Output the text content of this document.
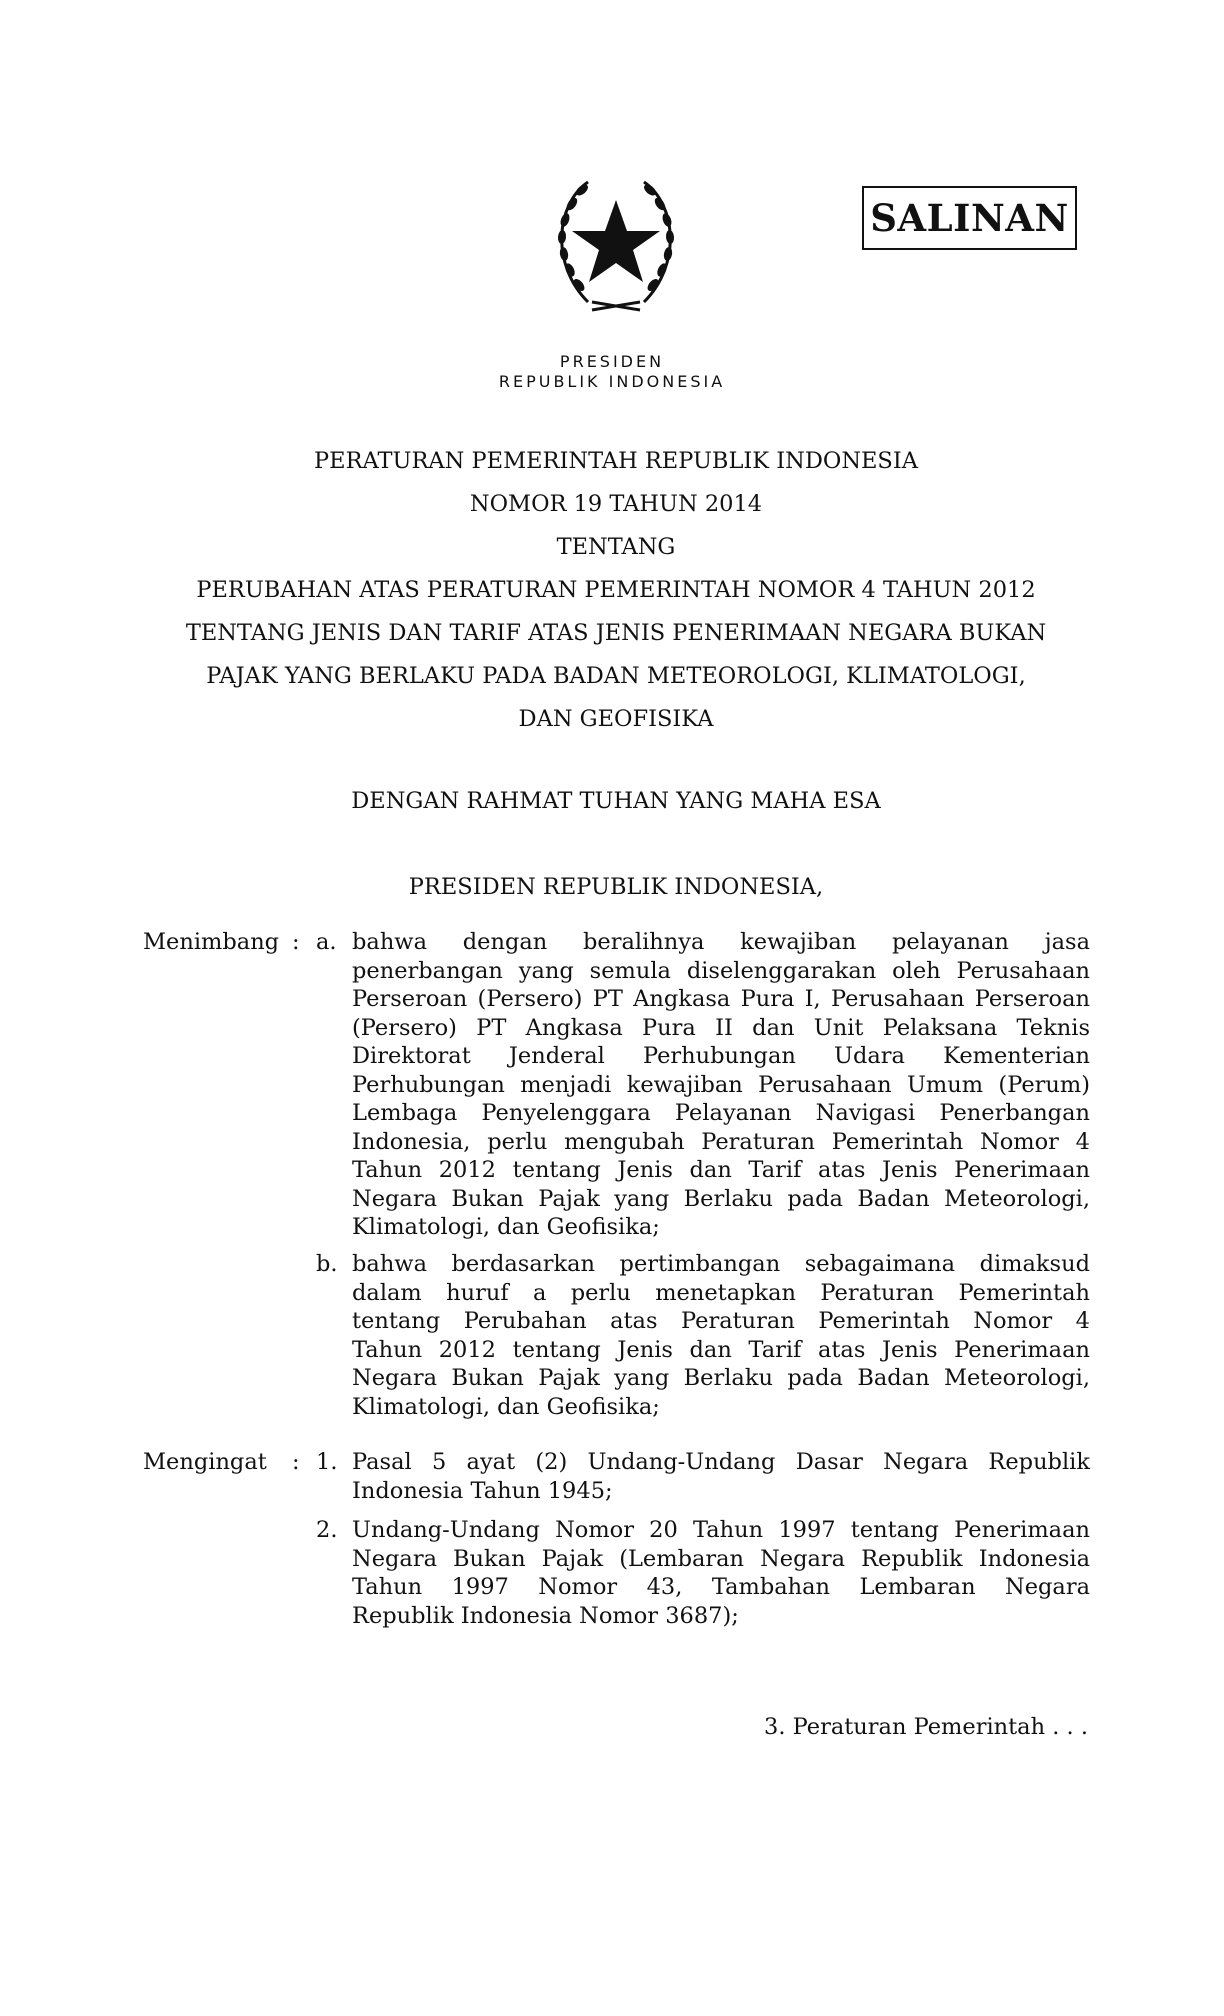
SALINAN
PRESIDEN
REPUBLIK INDONESIA
PERATURAN PEMERINTAH REPUBLIK INDONESIA
NOMOR 19 TAHUN 2014
TENTANG
PERUBAHAN ATAS PERATURAN PEMERINTAH NOMOR 4 TAHUN 2012
TENTANG JENIS DAN TARIF ATAS JENIS PENERIMAAN NEGARA BUKAN
PAJAK YANG BERLAKU PADA BADAN METEOROLOGI, KLIMATOLOGI,
DAN GEOFISIKA
DENGAN RAHMAT TUHAN YANG MAHA ESA
PRESIDEN REPUBLIK INDONESIA,
Menimbang : a. bahwa dengan beralihnya kewajiban pelayanan jasa
penerbangan yang semula diselenggarakan oleh Perusahaan
Perseroan (Persero) PT Angkasa Pura I, Perusahaan Perseroan
(Persero) PT Angkasa Pura II dan Unit Pelaksana Teknis
Direktorat Jenderal Perhubungan Udara Kementerian
Perhubungan menjadi kewajiban Perusahaan Umum (Perum)
Lembaga Penyelenggara Pelayanan Navigasi Penerbangan
Indonesia, perlu mengubah Peraturan Pemerintah Nomor 4
Tahun 2012 tentang Jenis dan Tarif atas Jenis Penerimaan
Negara Bukan Pajak yang Berlaku pada Badan Meteorologi,
Klimatologi, dan Geofisika;
b. bahwa berdasarkan pertimbangan sebagaimana dimaksud
dalam huruf a perlu menetapkan Peraturan Pemerintah
tentang Perubahan atas Peraturan Pemerintah Nomor 4
Tahun 2012 tentang Jenis dan Tarif atas Jenis Penerimaan
Negara Bukan Pajak yang Berlaku pada Badan Meteorologi,
Klimatologi, dan Geofisika;
Mengingat : 1. Pasal 5 ayat (2) Undang-Undang Dasar Negara Republik
Indonesia Tahun 1945;
2. Undang-Undang Nomor 20 Tahun 1997 tentang Penerimaan
Negara Bukan Pajak (Lembaran Negara Republik Indonesia
Tahun 1997 Nomor 43, Tambahan Lembaran Negara
Republik Indonesia Nomor 3687);
3. Peraturan Pemerintah . . .
